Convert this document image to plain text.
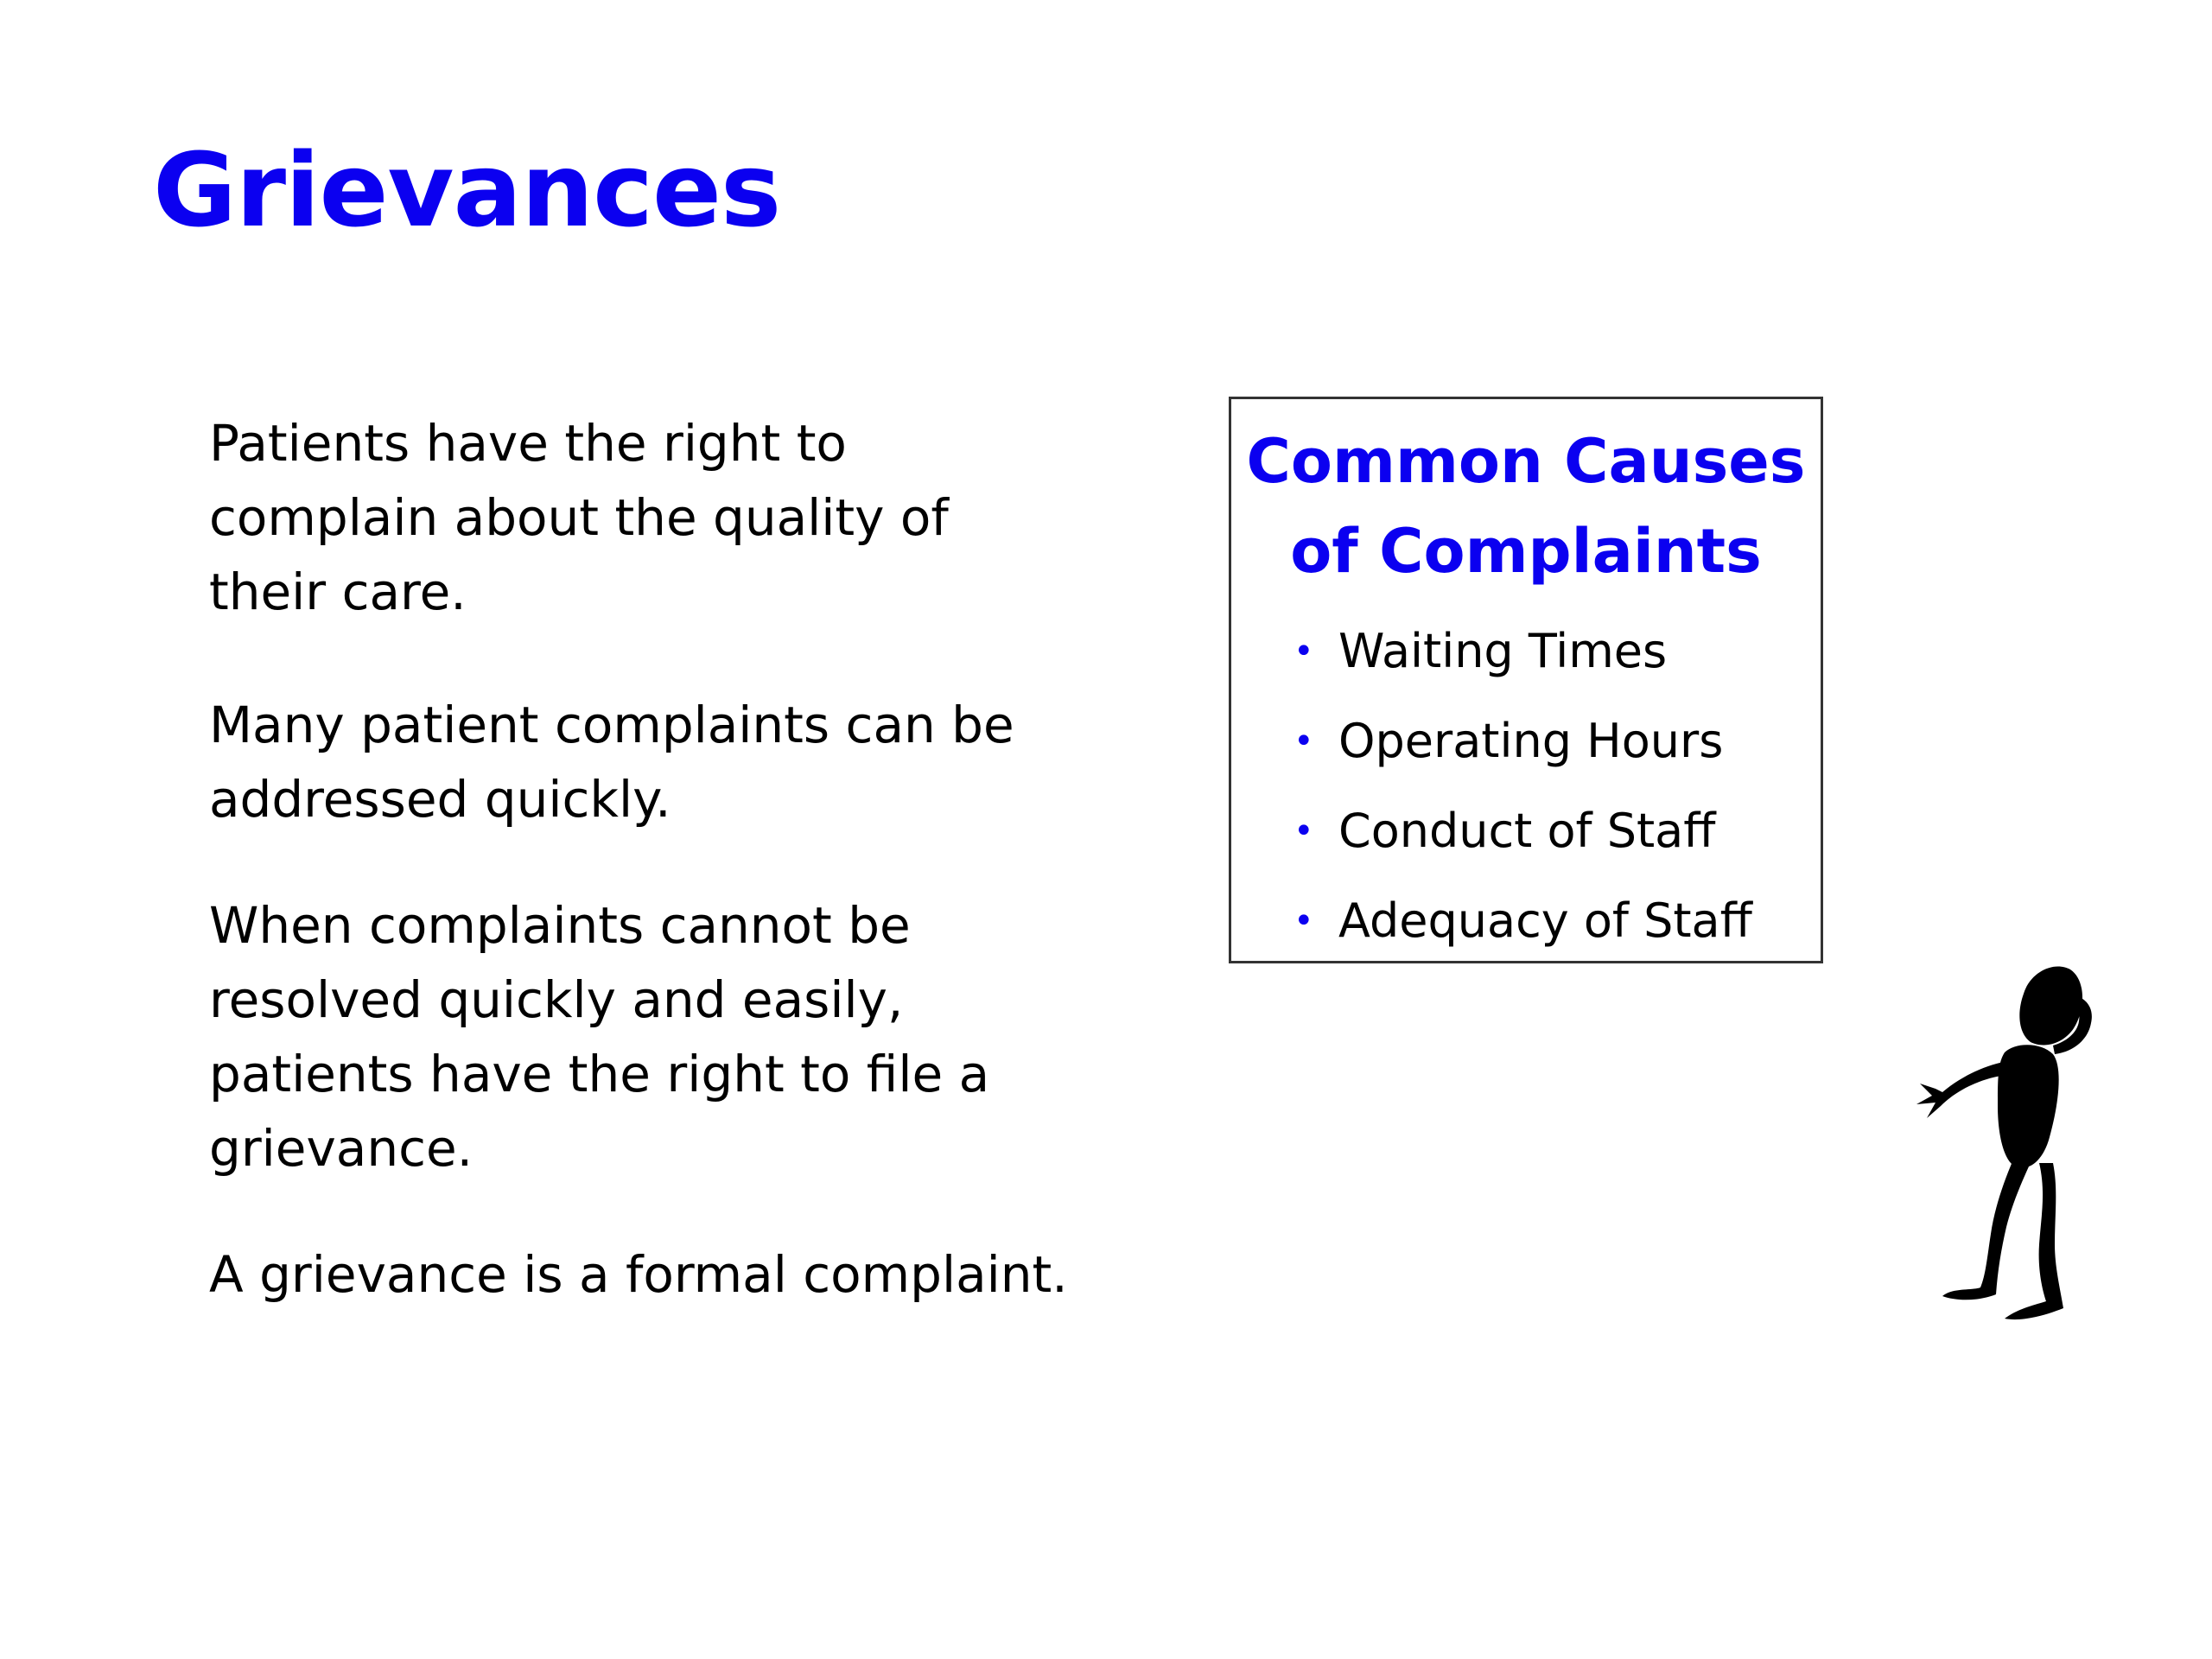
Grievances

Patients have the right to complain about the quality of their care.

Many patient complaints can be addressed quickly.

When complaints cannot be resolved quickly and easily, patients have the right to file a grievance.

A grievance is a formal complaint.

Common Causes of Complaints
• Waiting Times
• Operating Hours
• Conduct of Staff
• Adequacy of Staff
